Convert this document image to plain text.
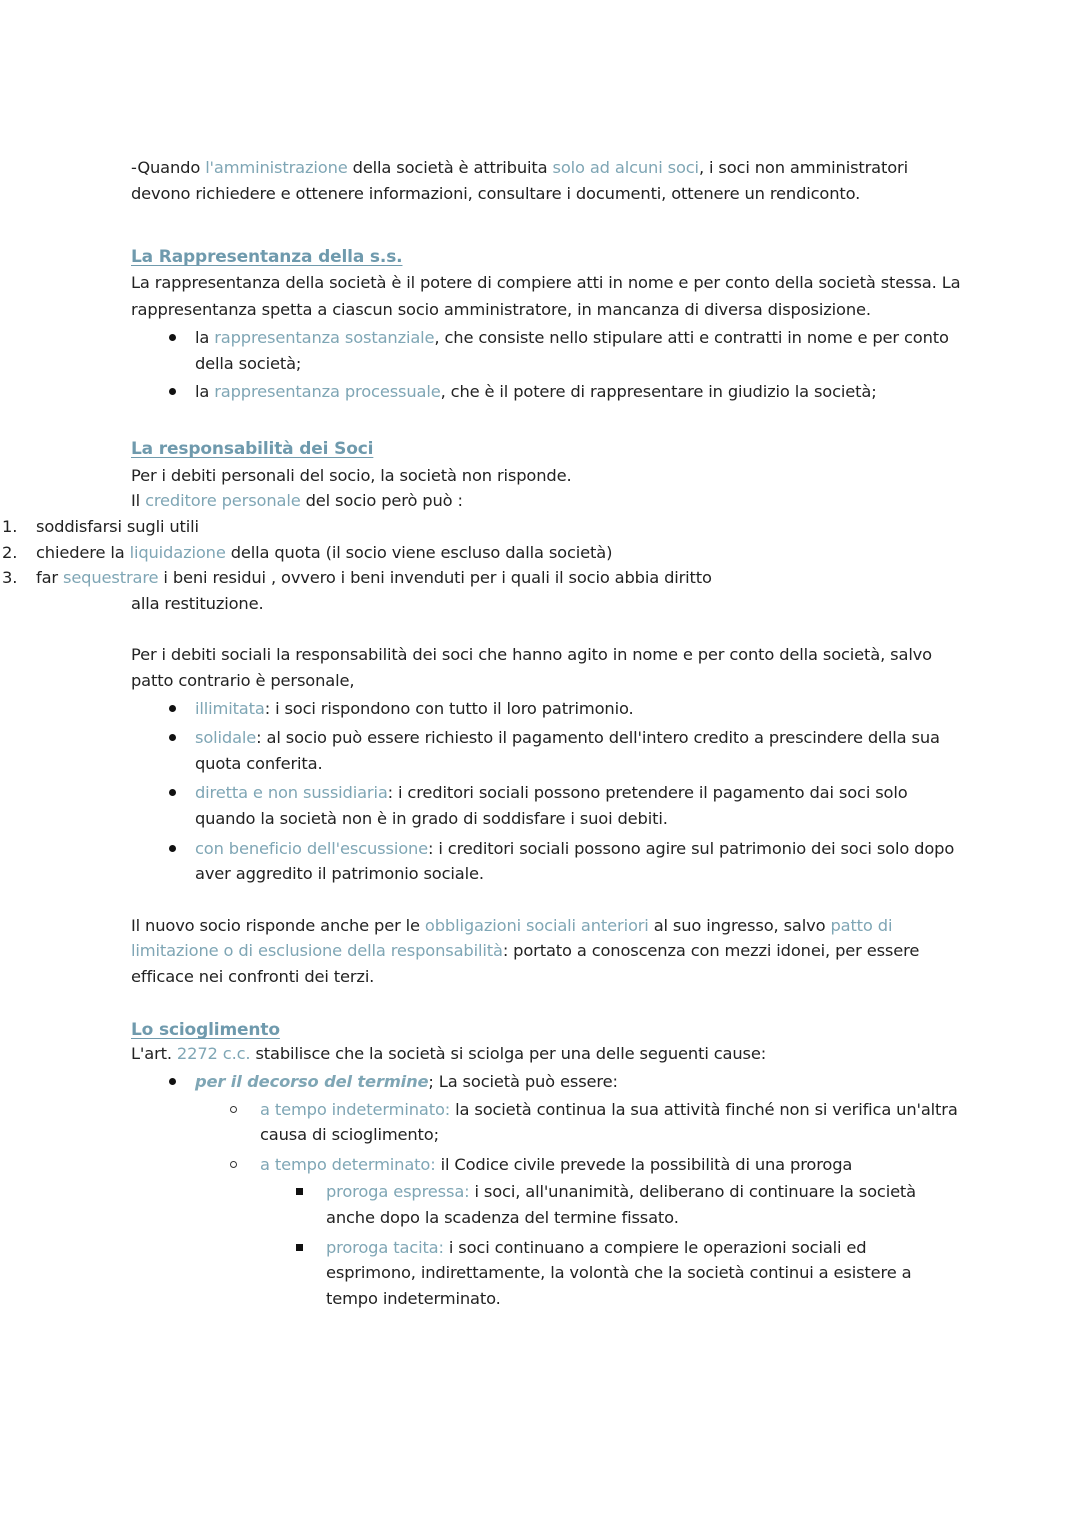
-Quando l'amministrazione della società è attribuita solo ad alcuni soci, i soci non amministratori devono richiedere e ottenere informazioni, consultare i documenti, ottenere un rendiconto.

La Rappresentanza della s.s.

La rappresentanza della società è il potere di compiere atti in nome e per conto della società stessa. La rappresentanza spetta a ciascun socio amministratore, in mancanza di diversa disposizione.

la rappresentanza sostanziale, che consiste nello stipulare atti e contratti in nome e per conto della società;
la rappresentanza processuale, che è il potere di rappresentare in giudizio la società;

La responsabilità dei Soci

Per i debiti personali del socio, la società non risponde.

Il creditore personale del socio però può :

1. soddisfarsi sugli utili
2. chiedere la liquidazione della quota (il socio viene escluso dalla società)
3. far sequestrare i beni residui , ovvero i beni invenduti per i quali il socio abbia diritto

alla restituzione.

Per i debiti sociali la responsabilità dei soci che hanno agito in nome e per conto della società, salvo patto contrario è personale,

illimitata: i soci rispondono con tutto il loro patrimonio.
solidale: al socio può essere richiesto il pagamento dell'intero credito a prescindere della sua quota conferita.
diretta e non sussidiaria: i creditori sociali possono pretendere il pagamento dai soci solo quando la società non è in grado di soddisfare i suoi debiti.
con beneficio dell'escussione: i creditori sociali possono agire sul patrimonio dei soci solo dopo aver aggredito il patrimonio sociale.

Il nuovo socio risponde anche per le obbligazioni sociali anteriori al suo ingresso, salvo patto di limitazione o di esclusione della responsabilità: portato a conoscenza con mezzi idonei, per essere efficace nei confronti dei terzi.

Lo scioglimento

L'art. 2272 c.c. stabilisce che la società si sciolga per una delle seguenti cause:

per il decorso del termine; La società può essere:
a tempo indeterminato: la società continua la sua attività finché non si verifica un'altra causa di scioglimento;
a tempo determinato: il Codice civile prevede la possibilità di una proroga
proroga espressa: i soci, all'unanimità, deliberano di continuare la società anche dopo la scadenza del termine fissato.
proroga tacita: i soci continuano a compiere le operazioni sociali ed esprimono, indirettamente, la volontà che la società continui a esistere a tempo indeterminato.
